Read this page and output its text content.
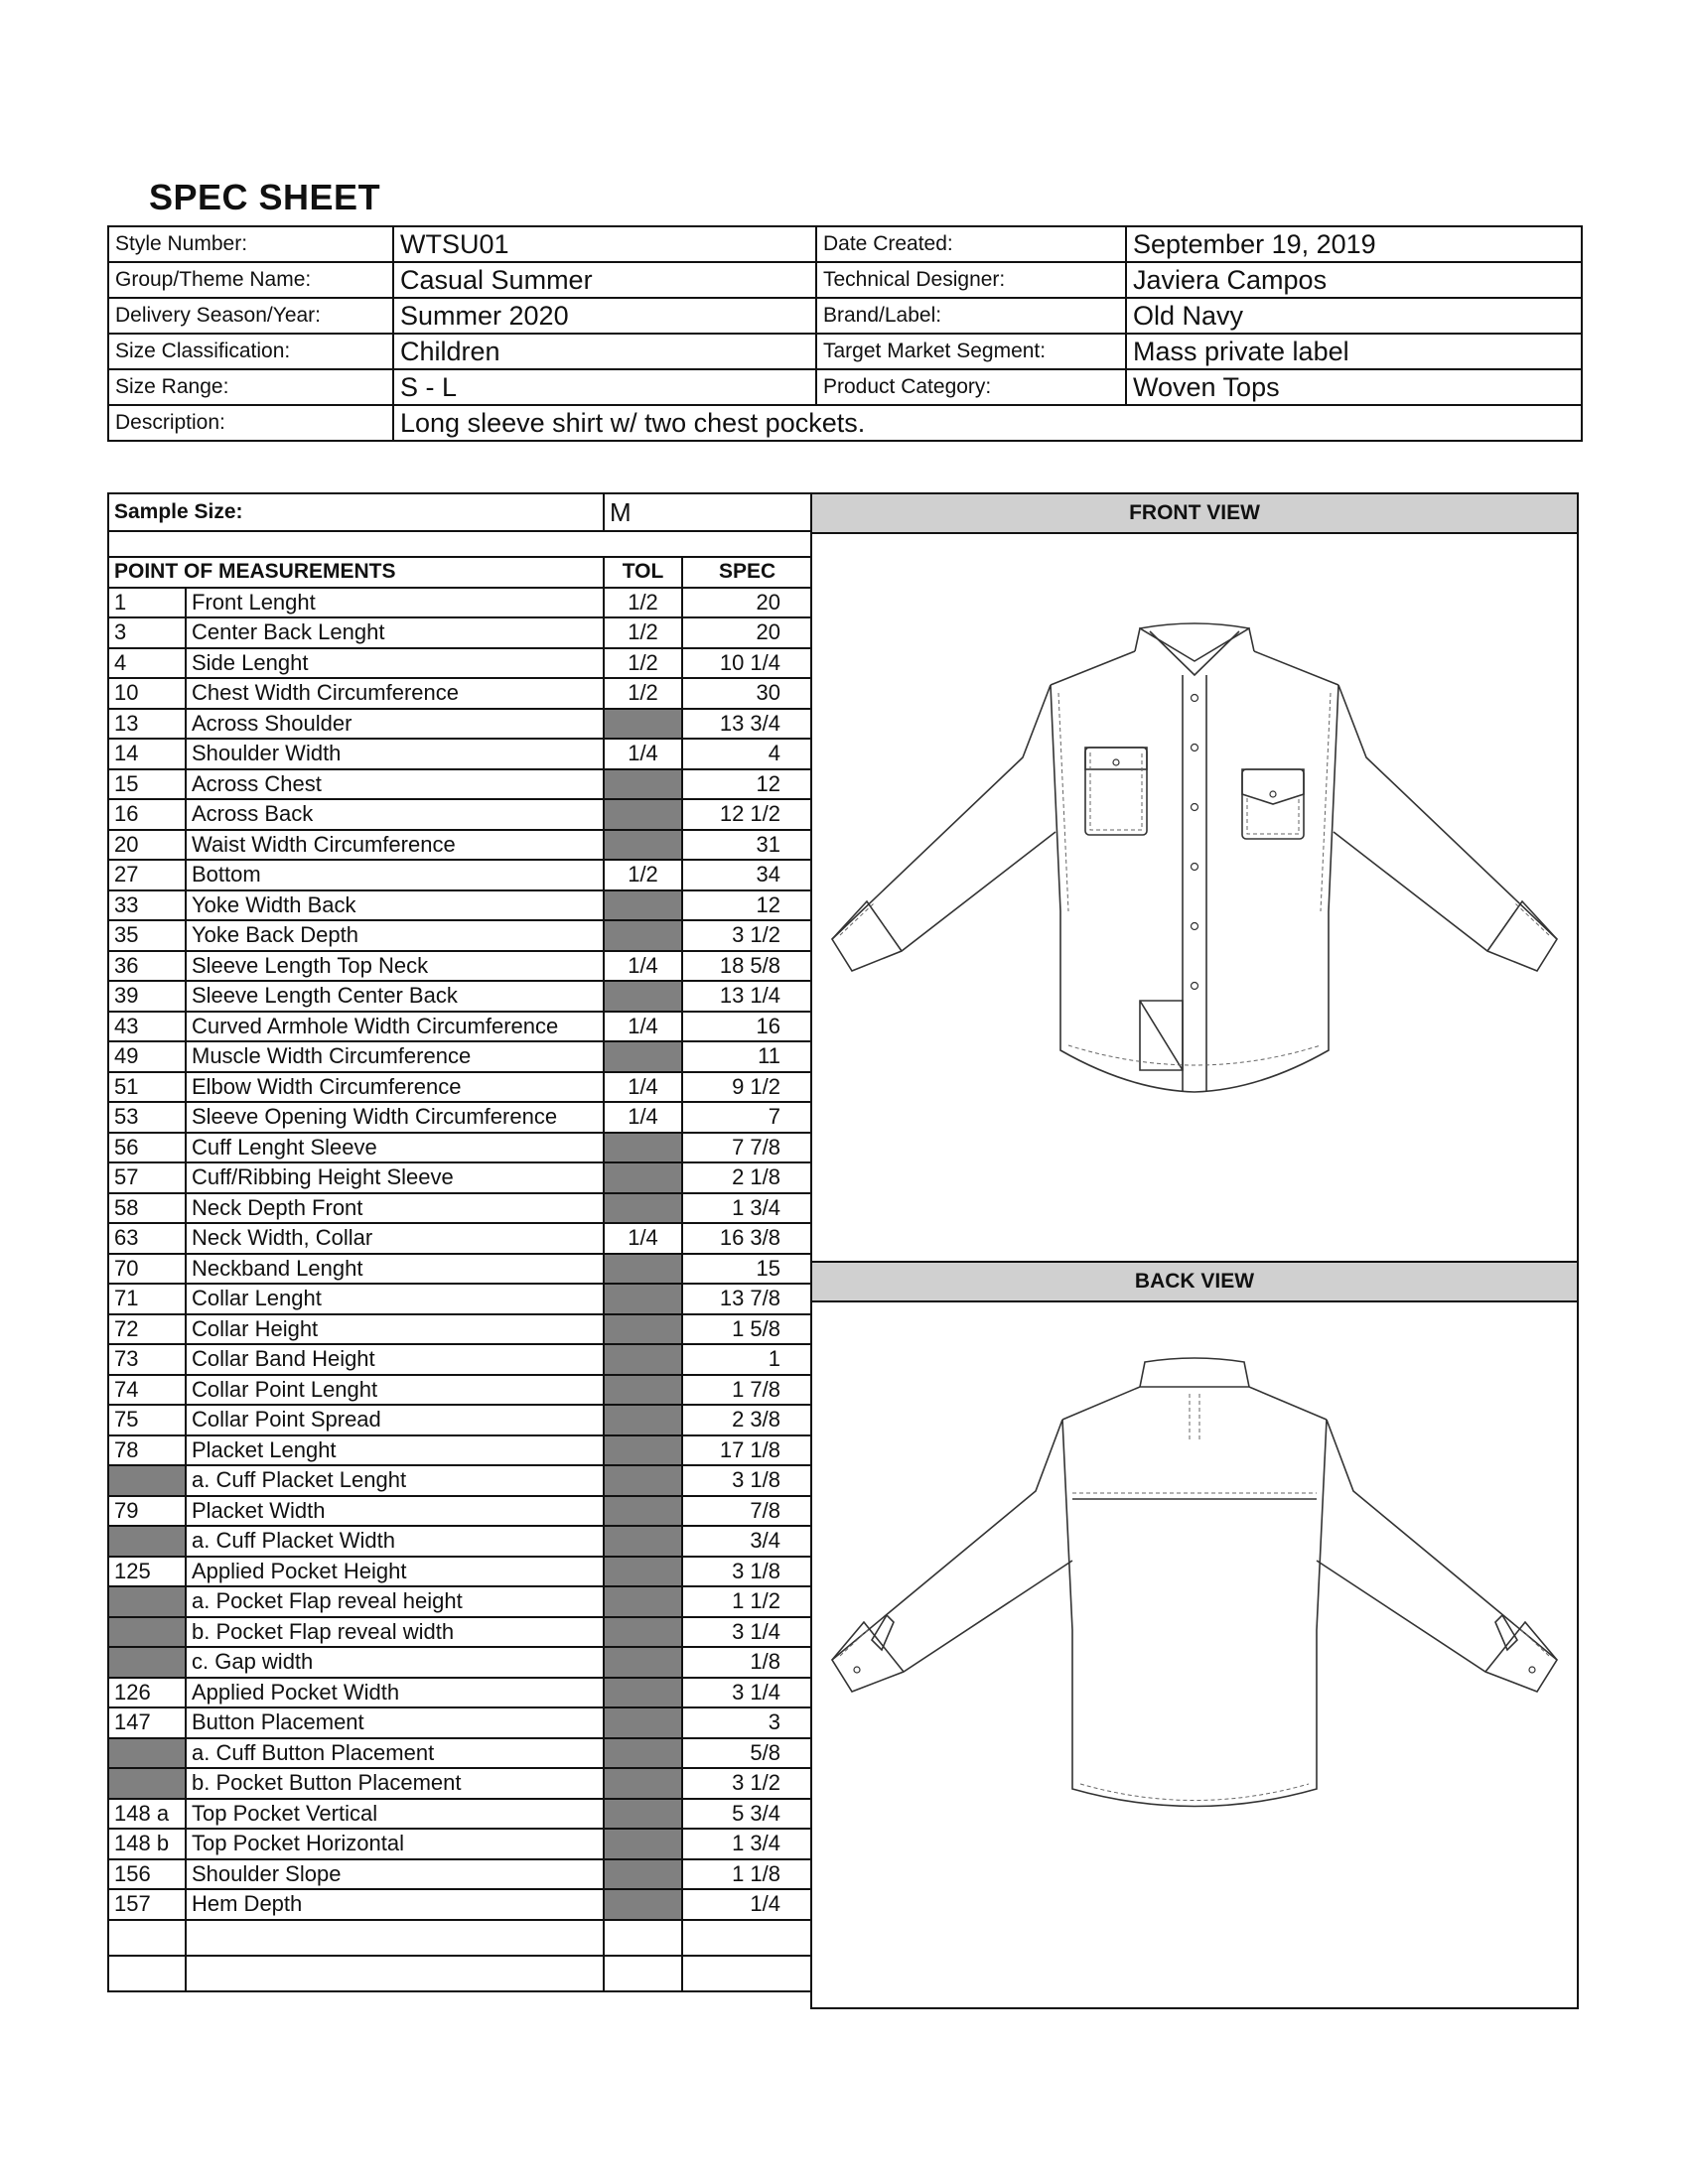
SPEC SHEET
Style Number:	WTSU01	Date Created:	September 19, 2019
Group/Theme Name:	Casual Summer	Technical Designer:	Javiera Campos
Delivery Season/Year:	Summer 2020	Brand/Label:	Old Navy
Size Classification:	Children	Target Market Segment:	Mass private label
Size Range:	S - L	Product Category:	Woven Tops
Description:	Long sleeve shirt w/ two chest pockets.		
Sample Size:		M	

POINT OF MEASUREMENTS		TOL	SPEC
1	Front Lenght	1/2	20
3	Center Back Lenght	1/2	20
4	Side Lenght	1/2	10 1/4
10	Chest Width Circumference	1/2	30
13	Across Shoulder		13 3/4
14	Shoulder Width	1/4	4
15	Across Chest		12
16	Across Back		12 1/2
20	Waist Width Circumference		31
27	Bottom	1/2	34
33	Yoke Width Back		12
35	Yoke Back Depth		3 1/2
36	Sleeve Length Top Neck	1/4	18 5/8
39	Sleeve Length Center Back		13 1/4
43	Curved Armhole Width Circumference	1/4	16
49	Muscle Width Circumference		11
51	Elbow Width Circumference	1/4	9 1/2
53	Sleeve Opening Width Circumference	1/4	7
56	Cuff Lenght Sleeve		7 7/8
57	Cuff/Ribbing Height Sleeve		2 1/8
58	Neck Depth Front		1 3/4
63	Neck Width, Collar	1/4	16 3/8
70	Neckband Lenght		15
71	Collar Lenght		13 7/8
72	Collar Height		1 5/8
73	Collar Band Height		1
74	Collar Point Lenght		1 7/8
75	Collar Point Spread		2 3/8
78	Placket Lenght		17 1/8
	a. Cuff Placket Lenght		3 1/8
79	Placket Width		7/8
	a. Cuff Placket Width		3/4
125	Applied Pocket Height		3 1/8
	a. Pocket Flap reveal height		1 1/2
	b. Pocket Flap reveal width		3 1/4
	c. Gap width		1/8
126	Applied Pocket Width		3 1/4
147	Button Placement		3
	a. Cuff Button Placement		5/8
	b. Pocket Button Placement		3 1/2
148 a	Top Pocket Vertical		5 3/4
148 b	Top Pocket Horizontal		1 3/4
156	Shoulder Slope		1 1/8
157	Hem Depth		1/4

FRONT VIEW
BACK VIEW
